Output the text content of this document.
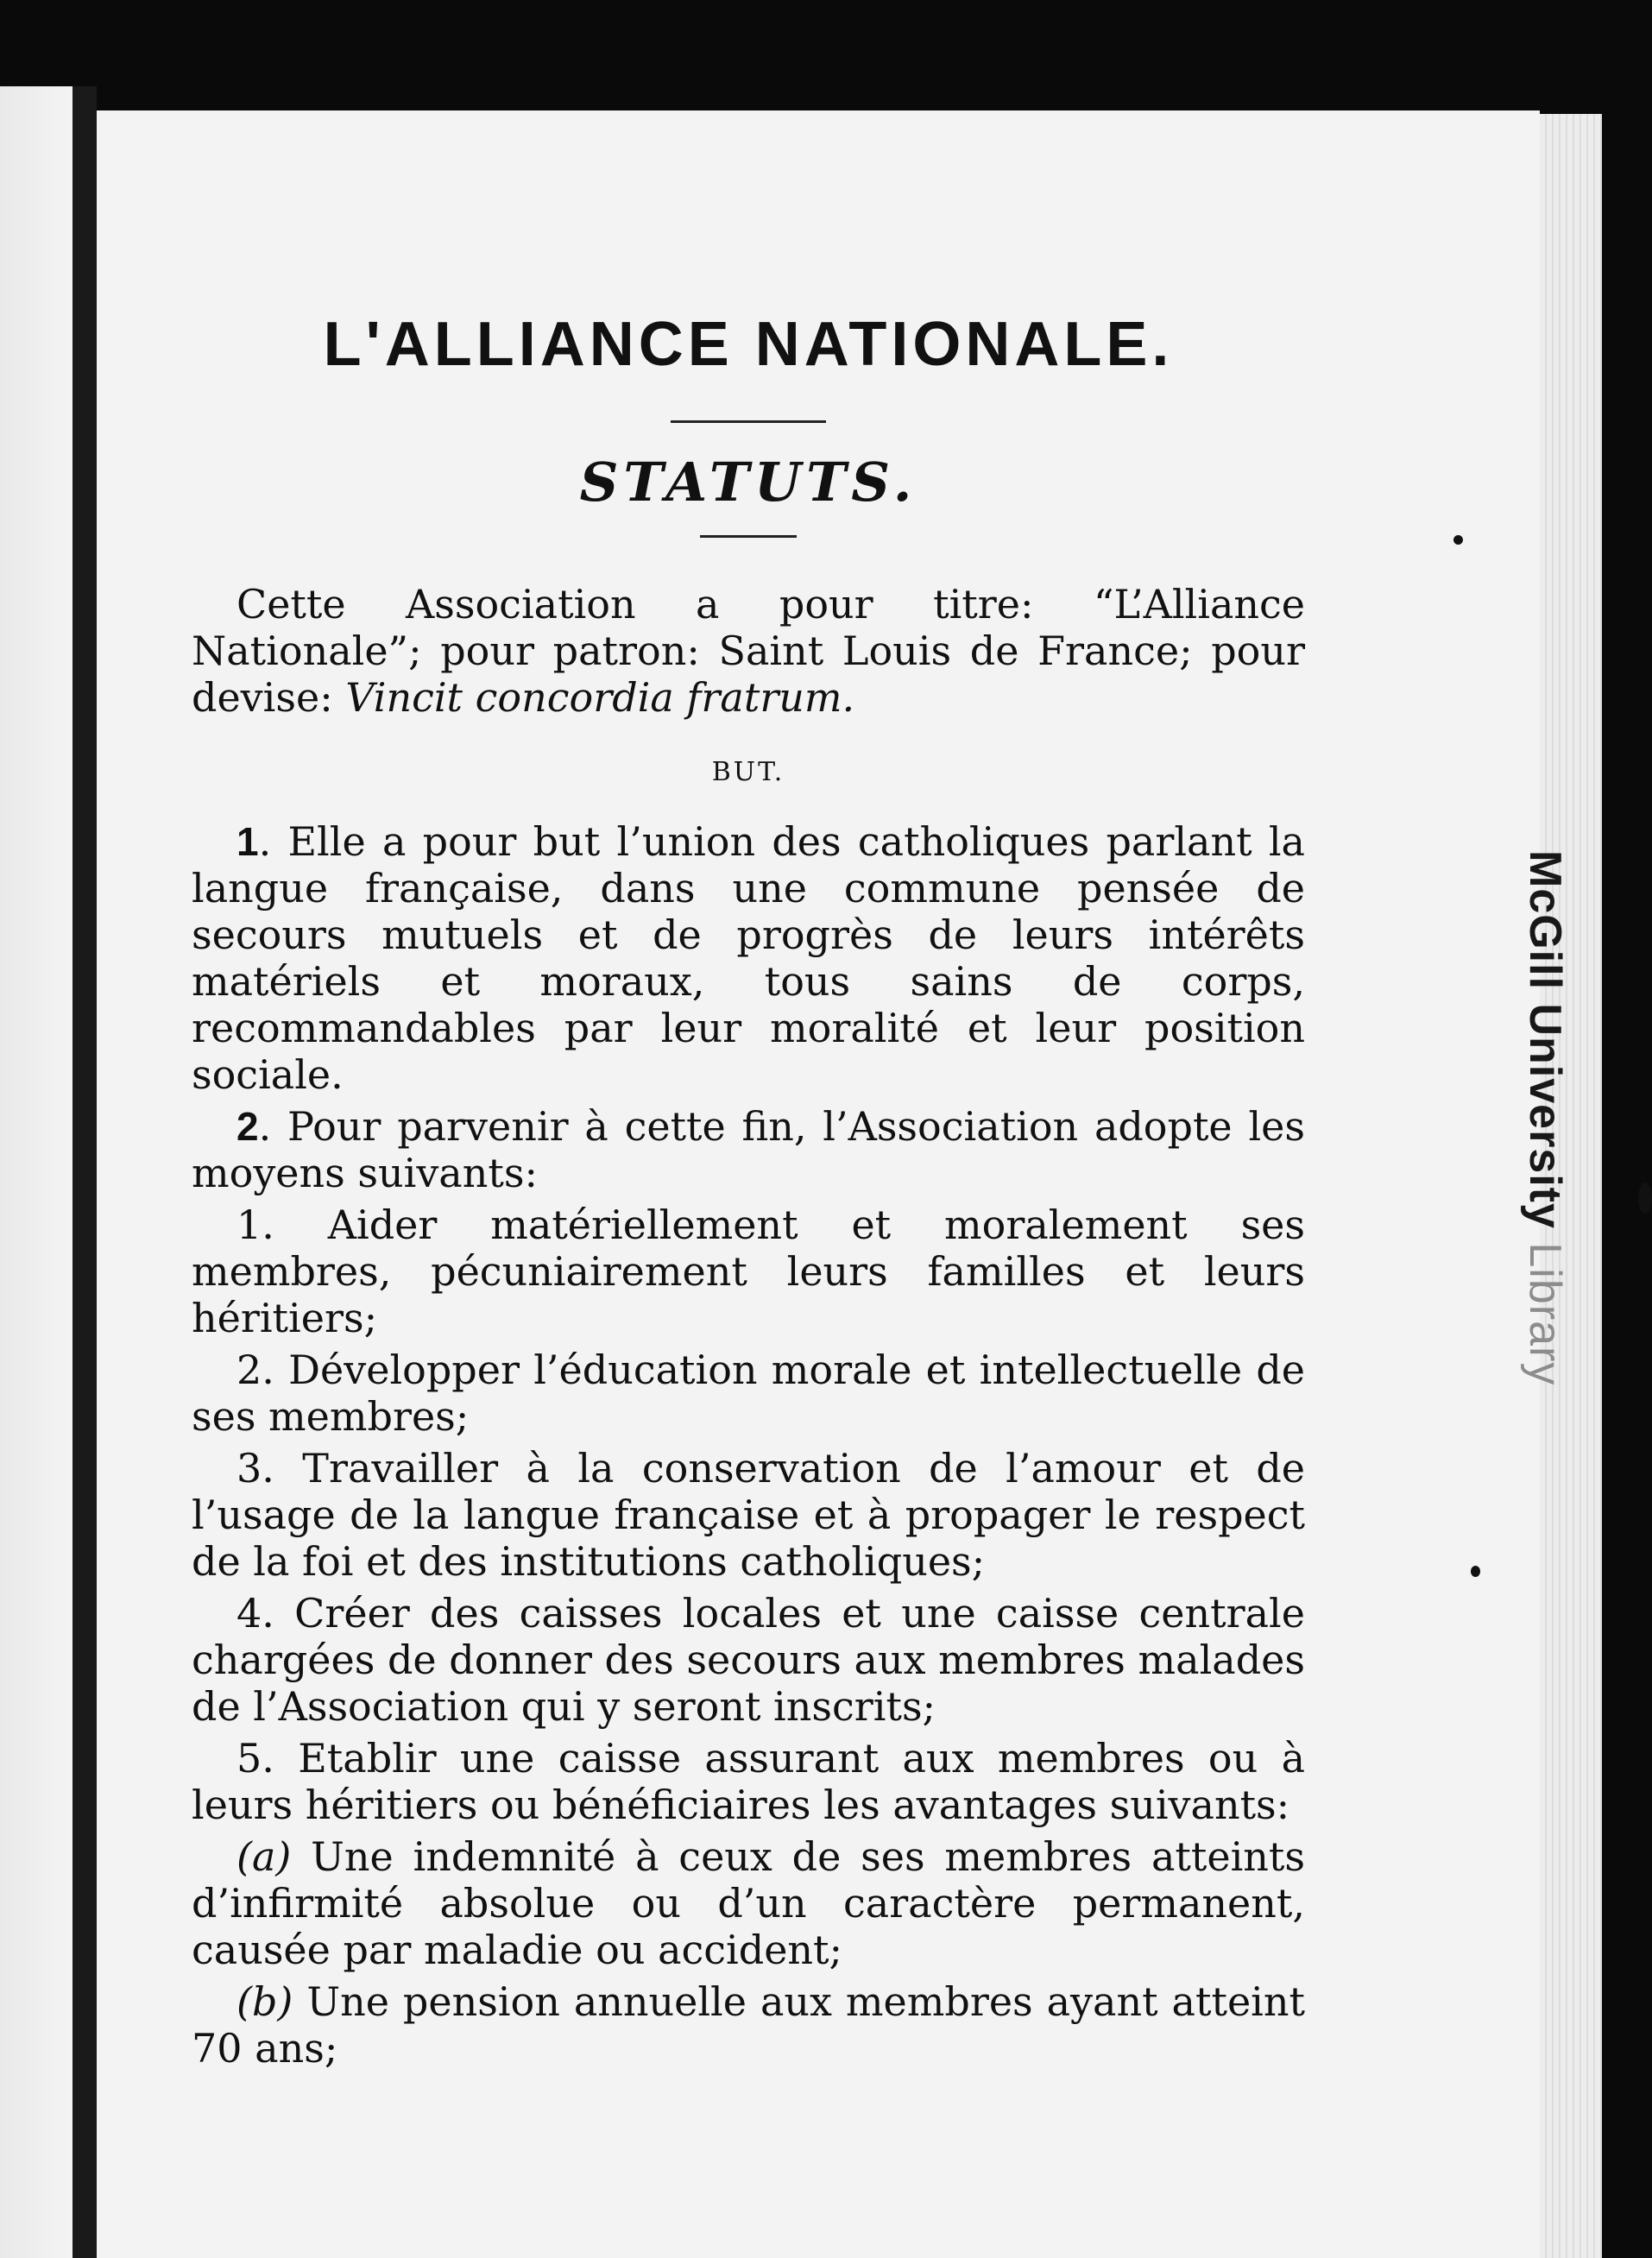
McGill University Library
L'ALLIANCE NATIONALE.
STATUTS.

Cette Association a pour titre: “L’Alliance Nationale”; pour patron: Saint Louis de France; pour devise: Vincit concordia fratrum.

BUT.

1. Elle a pour but l’union des catholiques parlant la langue française, dans une commune pensée de secours mutuels et de progrès de leurs intérêts matériels et moraux, tous sains de corps, recommandables par leur moralité et leur position sociale.

2. Pour parvenir à cette fin, l’Association adopte les moyens suivants:

1. Aider matériellement et moralement ses membres, pécuniairement leurs familles et leurs héritiers;

2. Développer l’éducation morale et intellectuelle de ses membres;

3. Travailler à la conservation de l’amour et de l’usage de la langue française et à propager le respect de la foi et des institutions catholiques;

4. Créer des caisses locales et une caisse centrale chargées de donner des secours aux membres malades de l’Association qui y seront inscrits;

5. Etablir une caisse assurant aux membres ou à leurs héritiers ou bénéficiaires les avantages suivants:

(a) Une indemnité à ceux de ses membres atteints d’infirmité absolue ou d’un caractère permanent, causée par maladie ou accident;

(b) Une pension annuelle aux membres ayant atteint 70 ans;
